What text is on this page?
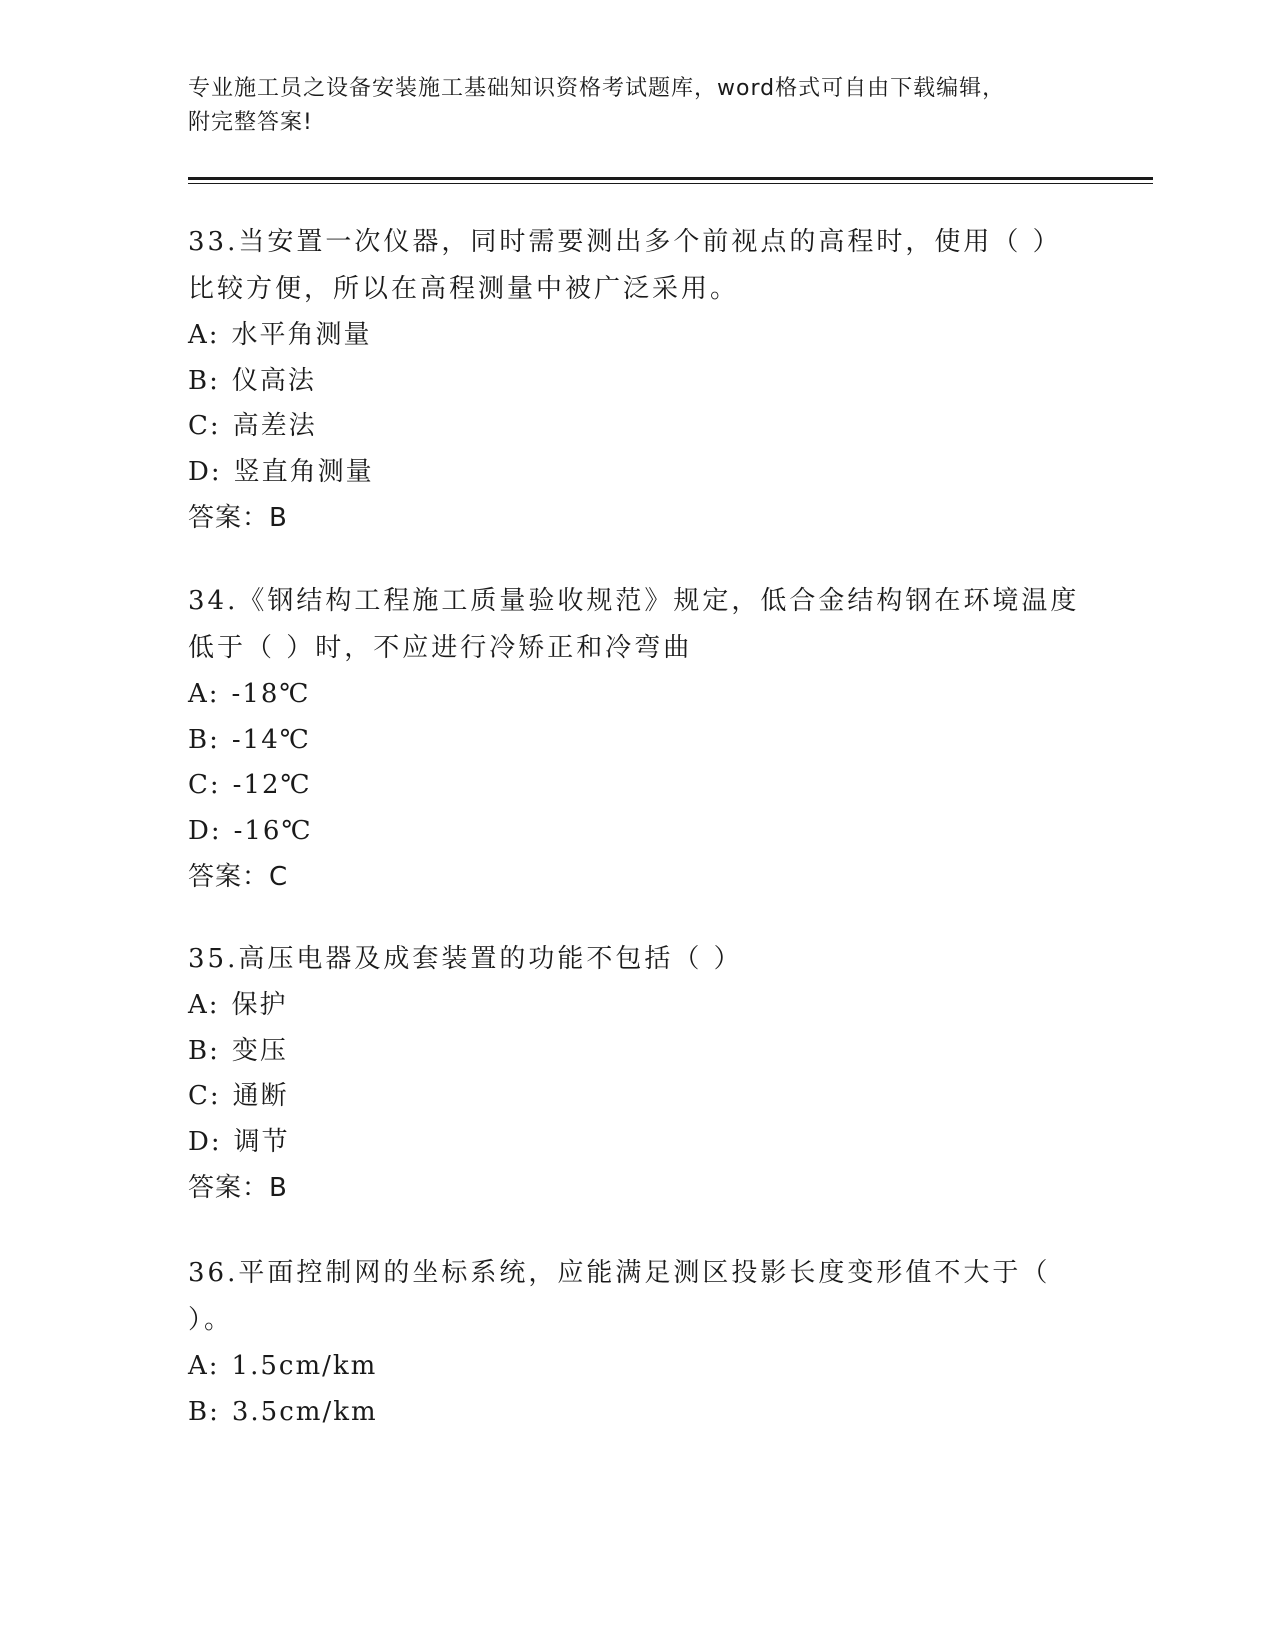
专业施工员之设备安装施工基础知识资格考试题库，word格式可自由下载编辑，
附完整答案!

33.当安置一次仪器，同时需要测出多个前视点的高程时，使用（ ）

比较方便，所以在高程测量中被广泛采用。

A: 水平角测量

B: 仪高法

C: 高差法

D: 竖直角测量

答案：B

34.《钢结构工程施工质量验收规范》规定，低合金结构钢在环境温度

低于（ ）时，不应进行冷矫正和冷弯曲

A: -18℃

B: -14℃

C: -12℃

D: -16℃

答案：C

35.高压电器及成套装置的功能不包括（ ）

A: 保护

B: 变压

C: 通断

D: 调节

答案：B

36.平面控制网的坐标系统，应能满足测区投影长度变形值不大于（

）。

A: 1.5cm/km

B: 3.5cm/km
